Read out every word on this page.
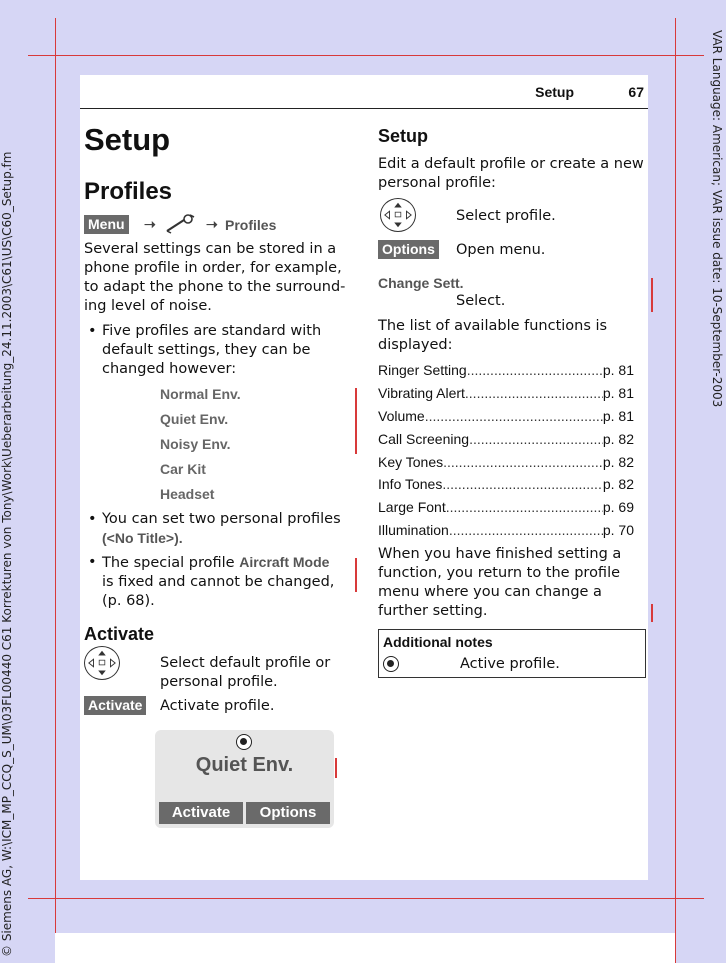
© Siemens AG, W:\ICM_MP_CCQ_S_UM\03FL00440 C61 Korrekturen von Tony\Work\Ueberarbeitung_24.11.2003\C61\US\C60_Setup.fm	VAR Language: American; VAR issue date: 10-September-2003
Setup	67
Setup
Profiles
Menu ➝	➝ Profiles
Several settings can be stored in a
phone profile in order, for example,
to adapt the phone to the surround-
ing level of noise.
• Five profiles are standard with
default settings, they can be
changed however:
Normal Env.
Quiet Env.
Noisy Env.
Car Kit
Headset
• You can set two personal profiles
(<No Title>).
• The special profile Aircraft Mode
is fixed and cannot be changed,
(p. 68).
Activate
Select default profile or
personal profile.
Activate Activate profile.
Quiet Env.
Activate	Options
Setup
Edit a default profile or create a new
personal profile:
Select profile.
Options Open menu.
Change Sett.
Select.
The list of available functions is
displayed:
Ringer Setting .....	p. 81
Vibrating Alert .....	p. 81
Volume .....	p. 81
Call Screening .....	p. 82
Key Tones .....	p. 82
Info Tones .....	p. 82
Large Font .....	p. 69
Illumination .....	p. 70
When you have finished setting a
function, you return to the profile
menu where you can change a
further setting.
Additional notes
Active profile.
